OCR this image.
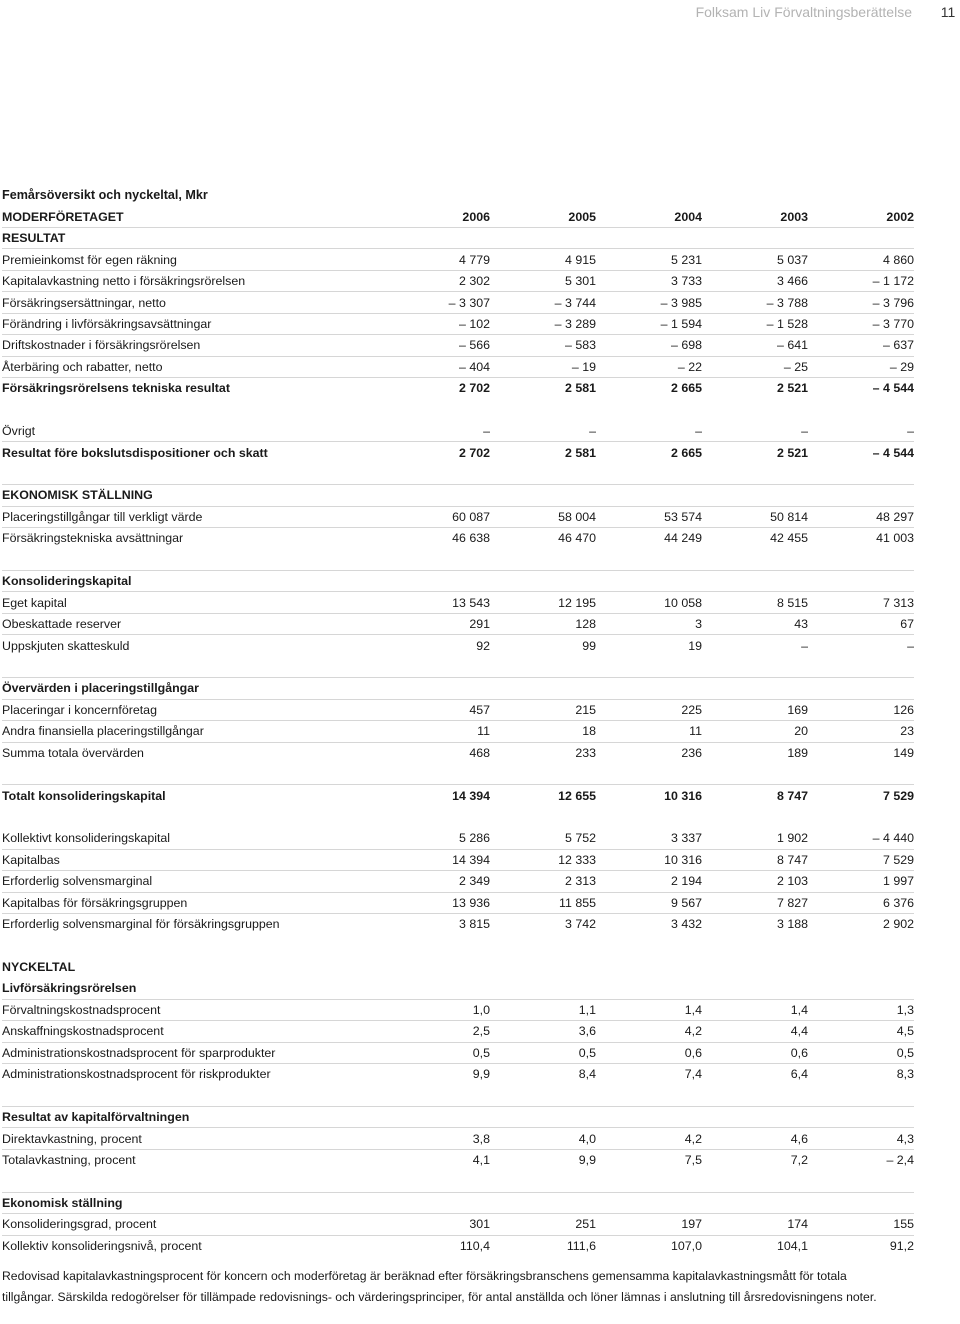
Folksam Liv Förvaltningsberättelse	11
Femårsöversikt och nyckeltal, Mkr
MODERFÖRETAGET	2006	2005	2004	2003	2002
RESULTAT
Premieinkomst för egen räkning	4 779	4 915	5 231	5 037	4 860
Kapitalavkastning netto i försäkringsrörelsen	2 302	5 301	3 733	3 466	– 1 172
Försäkringsersättningar, netto	– 3 307	– 3 744	– 3 985	– 3 788	– 3 796
Förändring i livförsäkringsavsättningar	– 102	– 3 289	– 1 594	– 1 528	– 3 770
Driftskostnader i försäkringsrörelsen	– 566	– 583	– 698	– 641	– 637
Återbäring och rabatter, netto	– 404	– 19	– 22	– 25	– 29
Försäkringsrörelsens tekniska resultat	2 702	2 581	2 665	2 521	– 4 544
Övrigt	–	–	–	–	–
Resultat före bokslutsdispositioner och skatt	2 702	2 581	2 665	2 521	– 4 544
EKONOMISK STÄLLNING
Placeringstillgångar till verkligt värde	60 087	58 004	53 574	50 814	48 297
Försäkringstekniska avsättningar	46 638	46 470	44 249	42 455	41 003
Konsolideringskapital
Eget kapital	13 543	12 195	10 058	8 515	7 313
Obeskattade reserver	291	128	3	43	67
Uppskjuten skatteskuld	92	99	19	–	–
Övervärden i placeringstillgångar
Placeringar i koncernföretag	457	215	225	169	126
Andra finansiella placeringstillgångar	11	18	11	20	23
Summa totala övervärden	468	233	236	189	149
Totalt konsolideringskapital	14 394	12 655	10 316	8 747	7 529
Kollektivt konsolideringskapital	5 286	5 752	3 337	1 902	– 4 440
Kapitalbas	14 394	12 333	10 316	8 747	7 529
Erforderlig solvensmarginal	2 349	2 313	2 194	2 103	1 997
Kapitalbas för försäkringsgruppen	13 936	11 855	9 567	7 827	6 376
Erforderlig solvensmarginal för försäkringsgruppen	3 815	3 742	3 432	3 188	2 902
NYCKELTAL
Livförsäkringsrörelsen
Förvaltningskostnadsprocent	1,0	1,1	1,4	1,4	1,3
Anskaffningskostnadsprocent	2,5	3,6	4,2	4,4	4,5
Administrationskostnadsprocent för sparprodukter	0,5	0,5	0,6	0,6	0,5
Administrationskostnadsprocent för riskprodukter	9,9	8,4	7,4	6,4	8,3
Resultat av kapitalförvaltningen
Direktavkastning, procent	3,8	4,0	4,2	4,6	4,3
Totalavkastning, procent	4,1	9,9	7,5	7,2	– 2,4
Ekonomisk ställning
Konsolideringsgrad, procent	301	251	197	174	155
Kollektiv konsolideringsnivå, procent	110,4	111,6	107,0	104,1	91,2
Redovisad kapitalavkastningsprocent för koncern och moderföretag är beräknad efter försäkringsbranschens gemensamma kapitalavkastningsmått för totala tillgångar. Särskilda redogörelser för tillämpade redovisnings- och värderingsprinciper, för antal anställda och löner lämnas i anslutning till årsredovisningens noter.
